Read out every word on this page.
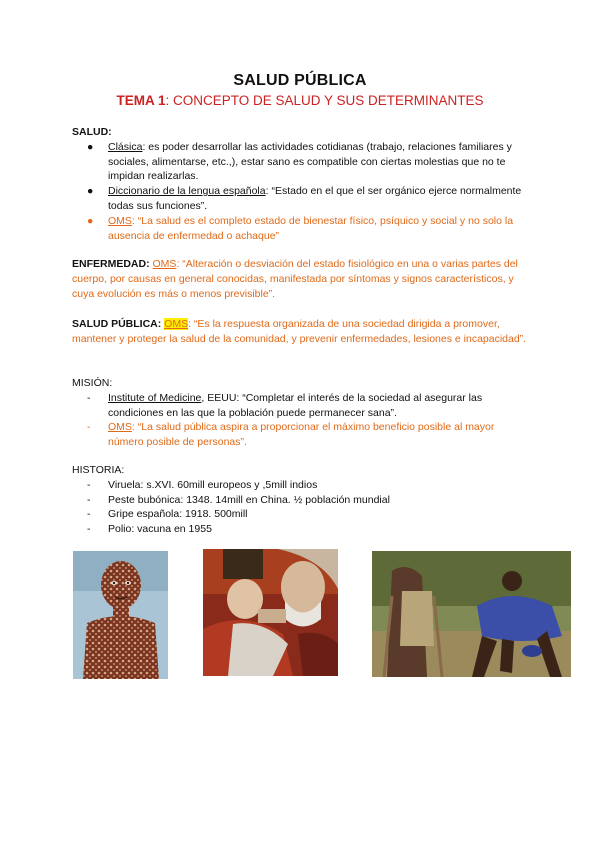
SALUD PÚBLICA
TEMA 1: CONCEPTO DE SALUD Y SUS DETERMINANTES
SALUD:
● Clásica: es poder desarrollar las actividades cotidianas (trabajo, relaciones familiares y sociales, alimentarse, etc.,), estar sano es compatible con ciertas molestias que no te impidan realizarlas.
● Diccionario de la lengua española: “Estado en el que el ser orgánico ejerce normalmente todas sus funciones”.
● OMS: “La salud es el completo estado de bienestar físico, psíquico y social y no solo la ausencia de enfermedad o achaque”
ENFERMEDAD: OMS: “Alteración o desviación del estado fisiológico en una o varias partes del cuerpo, por causas en general conocidas, manifestada por síntomas y signos característicos, y cuya evolución es más o menos previsible”.
SALUD PÚBLICA: OMS: “Es la respuesta organizada de una sociedad dirigida a promover, mantener y proteger la salud de la comunidad, y prevenir enfermedades, lesiones e incapacidad”.
MISIÓN:
- Institute of Medicine, EEUU: “Completar el interés de la sociedad al asegurar las condiciones en las que la población puede permanecer sana”.
- OMS: “La salud pública aspira a proporcionar el máximo beneficio posible al mayor número posible de personas”.
HISTORIA:
- Viruela: s.XVI. 60mill europeos y ,5mill indios
- Peste bubónica: 1348. 14mill en China. ½ población mundial
- Gripe española: 1918. 500mill
- Polio: vacuna en 1955
